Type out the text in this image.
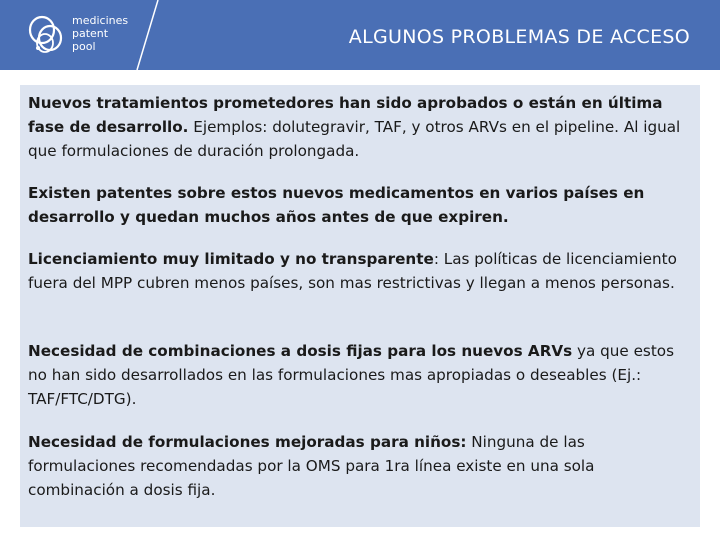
medicines
patent
pool	ALGUNOS PROBLEMAS DE ACCESO
Nuevos tratamientos prometedores han sido aprobados o están en última fase de desarrollo. Ejemplos: dolutegravir, TAF, y otros ARVs en el pipeline. Al igual que formulaciones de duración prolongada.
Existen patentes sobre estos nuevos medicamentos en varios países en desarrollo y quedan muchos años antes de que expiren.
Licenciamiento muy limitado y no transparente: Las políticas de licenciamiento fuera del MPP cubren menos países, son mas restrictivas y llegan a menos personas.
Necesidad de combinaciones a dosis fijas para los nuevos ARVs ya que estos no han sido desarrollados en las formulaciones mas apropiadas o deseables (Ej.: TAF/FTC/DTG).
Necesidad de formulaciones mejoradas para niños: Ninguna de las formulaciones recomendadas por la OMS para 1ra línea existe en una sola combinación a dosis fija.
